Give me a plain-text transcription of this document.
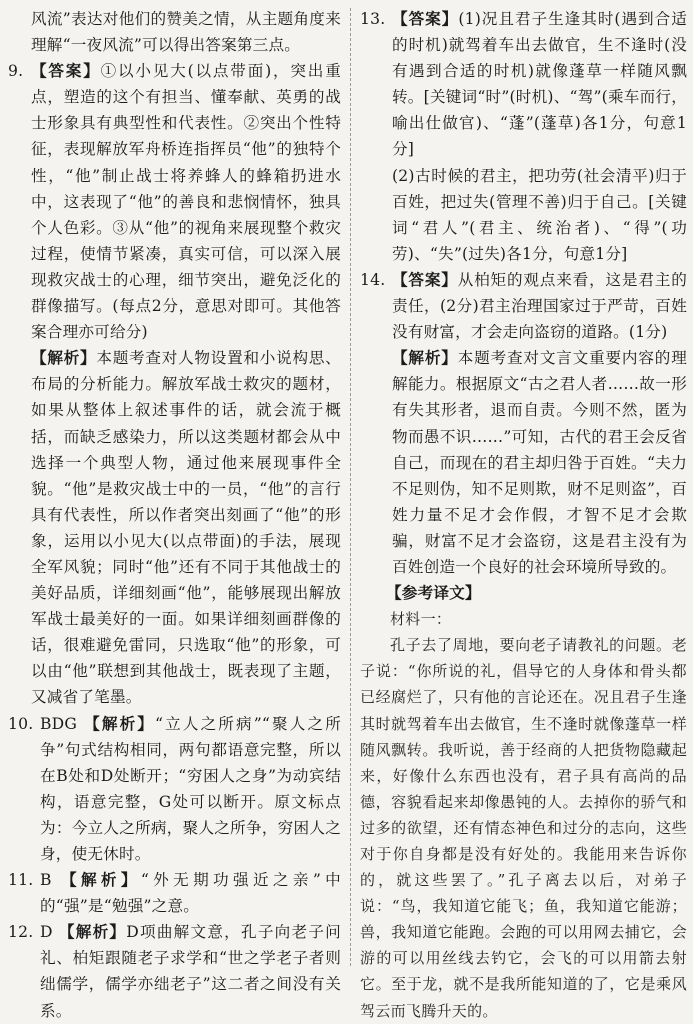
风流”表达对他们的赞美之情，从主题角度来理解“一夜风流”可以得出答案第三点。

9. 【答案】①以小见大(以点带面)，突出重点，塑造的这个有担当、懂奉献、英勇的战士形象具有典型性和代表性。②突出个性特征，表现解放军舟桥连指挥员“他”的独特个性，“他”制止战士将养蜂人的蜂箱扔进水中，这表现了“他”的善良和悲悯情怀，独具个人色彩。③从“他”的视角来展现整个救灾过程，使情节紧凑，真实可信，可以深入展现救灾战士的心理，细节突出，避免泛化的群像描写。(每点2分，意思对即可。其他答案合理亦可给分)

【解析】本题考查对人物设置和小说构思、布局的分析能力。解放军战士救灾的题材，如果从整体上叙述事件的话，就会流于概括，而缺乏感染力，所以这类题材都会从中选择一个典型人物，通过他来展现事件全貌。“他”是救灾战士中的一员，“他”的言行具有代表性，所以作者突出刻画了“他”的形象，运用以小见大(以点带面)的手法，展现全军风貌；同时“他”还有不同于其他战士的美好品质，详细刻画“他”，能够展现出解放军战士最美好的一面。如果详细刻画群像的话，很难避免雷同，只选取“他”的形象，可以由“他”联想到其他战士，既表现了主题，又减省了笔墨。

10. BDG 【解析】“立人之所病”“聚人之所争”句式结构相同，两句都语意完整，所以在B处和D处断开；“穷困人之身”为动宾结构，语意完整，G处可以断开。原文标点为：今立人之所病，聚人之所争，穷困人之身，使无休时。
11. B 【解析】“外无期功强近之亲”中的“强”是“勉强”之意。
12. D 【解析】D项曲解文意，孔子向老子问礼、柏矩跟随老子求学和“世之学老子者则绌儒学，儒学亦绌老子”这二者之间没有关系。
13. 【答案】(1)况且君子生逢其时(遇到合适的时机)就驾着车出去做官，生不逢时(没有遇到合适的时机)就像蓬草一样随风飘转。[关键词“时”(时机)、“驾”(乘车而行，喻出仕做官)、“蓬”(蓬草)各1分，句意1分]

(2)古时候的君主，把功劳(社会清平)归于百姓，把过失(管理不善)归于自己。[关键词“君人”(君主、统治者)、“得”(功劳)、“失”(过失)各1分，句意1分]

14. 【答案】从柏矩的观点来看，这是君主的责任，(2分)君主治理国家过于严苛，百姓没有财富，才会走向盗窃的道路。(1分)

【解析】本题考查对文言文重要内容的理解能力。根据原文“古之君人者……故一形有失其形者，退而自责。今则不然，匿为物而愚不识……”可知，古代的君王会反省自己，而现在的君主却归咎于百姓。“夫力不足则伪，知不足则欺，财不足则盗”，百姓力量不足才会作假，才智不足才会欺骗，财富不足才会盗窃，这是君主没有为百姓创造一个良好的社会环境所导致的。

【参考译文】

材料一：

孔子去了周地，要向老子请教礼的问题。老子说：“你所说的礼，倡导它的人身体和骨头都已经腐烂了，只有他的言论还在。况且君子生逢其时就驾着车出去做官，生不逢时就像蓬草一样随风飘转。我听说，善于经商的人把货物隐藏起来，好像什么东西也没有，君子具有高尚的品德，容貌看起来却像愚钝的人。去掉你的骄气和过多的欲望，还有情态神色和过分的志向，这些对于你自身都是没有好处的。我能用来告诉你的，就这些罢了。”孔子离去以后，对弟子说：“鸟，我知道它能飞；鱼，我知道它能游；兽，我知道它能跑。会跑的可以用网去捕它，会游的可以用丝线去钓它，会飞的可以用箭去射它。至于龙，就不是我所能知道的了，它是乘风驾云而飞腾升天的。
